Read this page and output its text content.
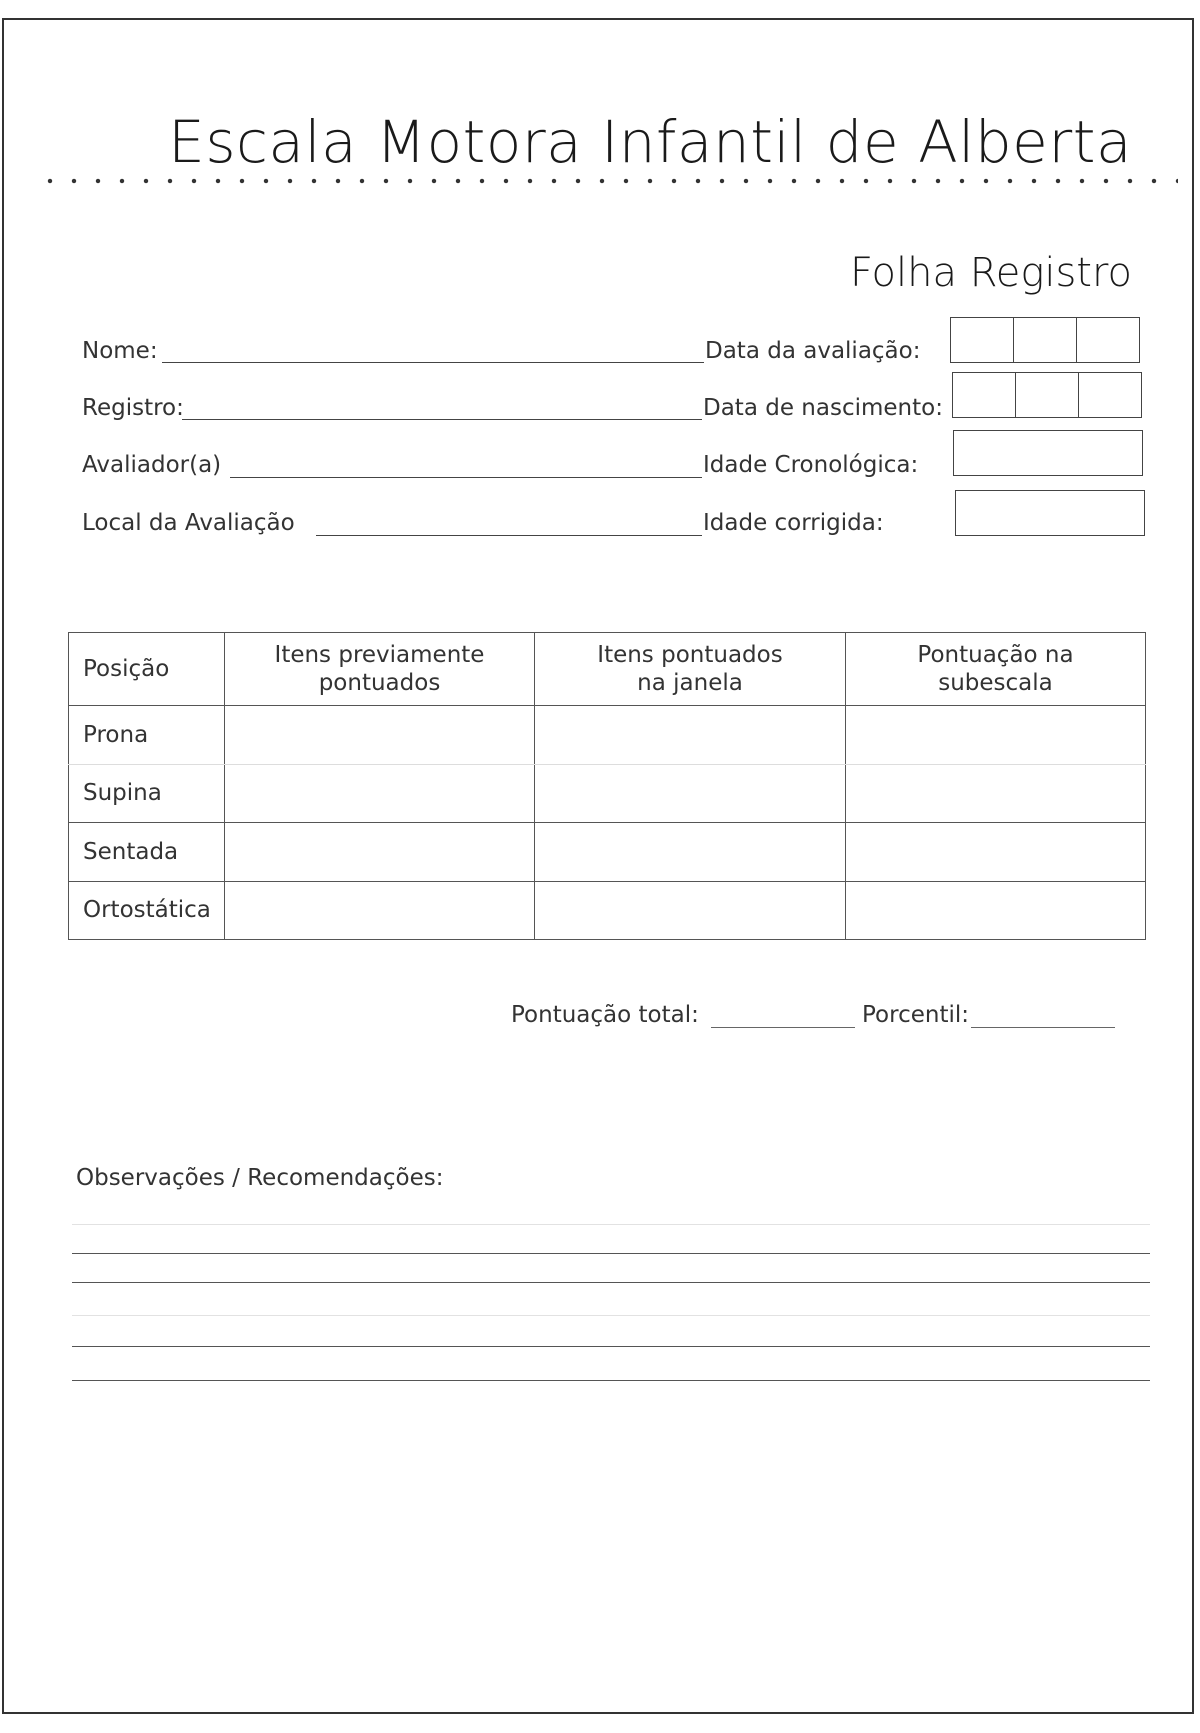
Escala Motora Infantil de Alberta
Folha Registro
Nome:
Registro:
Avaliador(a)
Local da Avaliação
Data da avaliação:
Data de nascimento:
Idade Cronológica:
Idade corrigida:
Posição	Itens previamente pontuados	Itens pontuados na janela	Pontuação na subescala

Prona			
Supina			
Sentada			
Ortostática			
Pontuação total:	Porcentil:
Observações / Recomendações:
